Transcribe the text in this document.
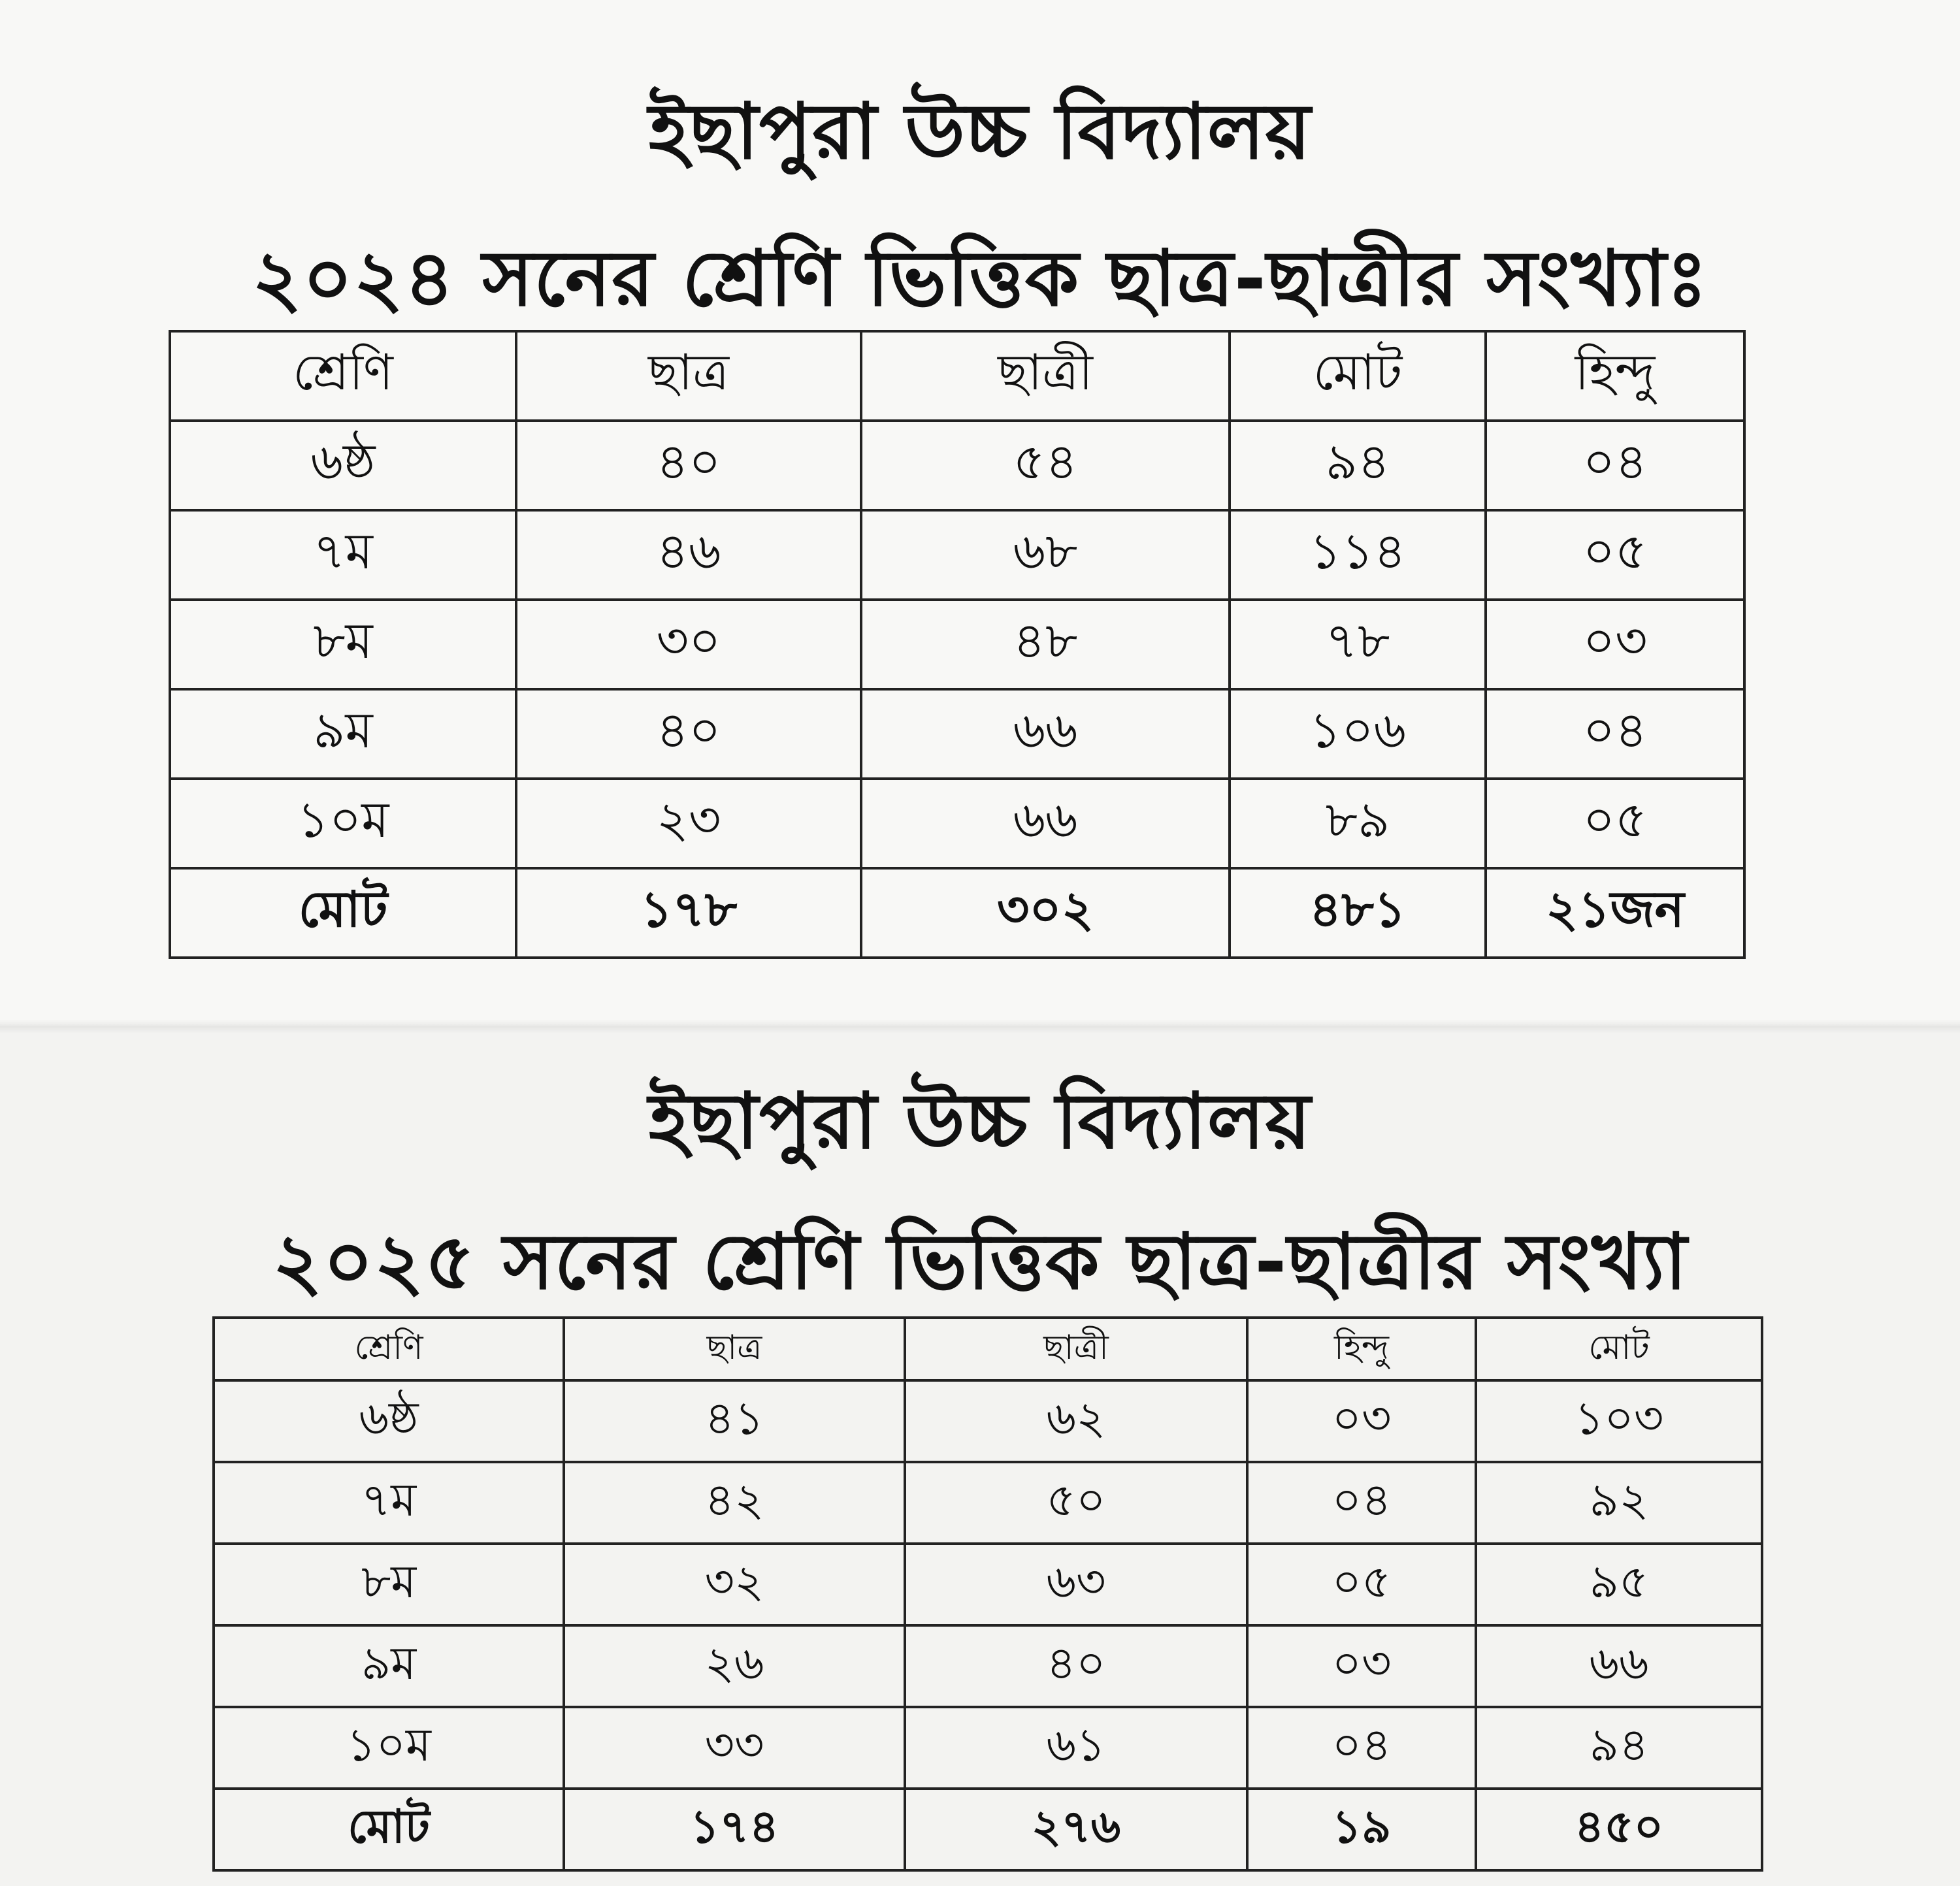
ইছাপুরা উচ্চ বিদ্যালয়
২০২৪ সনের শ্রেণি ভিত্তিক ছাত্র-ছাত্রীর সংখ্যাঃ
শ্রেণি	ছাত্র	ছাত্রী	মোট	হিন্দু
৬ষ্ঠ	৪০	৫৪	৯৪	০৪
৭ম	৪৬	৬৮	১১৪	০৫
৮ম	৩০	৪৮	৭৮	০৩
৯ম	৪০	৬৬	১০৬	০৪
১০ম	২৩	৬৬	৮৯	০৫
মোট	১৭৮	৩০২	৪৮১	২১জন
ইছাপুরা উচ্চ বিদ্যালয়
২০২৫ সনের শ্রেণি ভিত্তিক ছাত্র-ছাত্রীর সংখ্যা
শ্রেণি	ছাত্র	ছাত্রী	হিন্দু	মোট
৬ষ্ঠ	৪১	৬২	০৩	১০৩
৭ম	৪২	৫০	০৪	৯২
৮ম	৩২	৬৩	০৫	৯৫
৯ম	২৬	৪০	০৩	৬৬
১০ম	৩৩	৬১	০৪	৯৪
মোট	১৭৪	২৭৬	১৯	৪৫০
